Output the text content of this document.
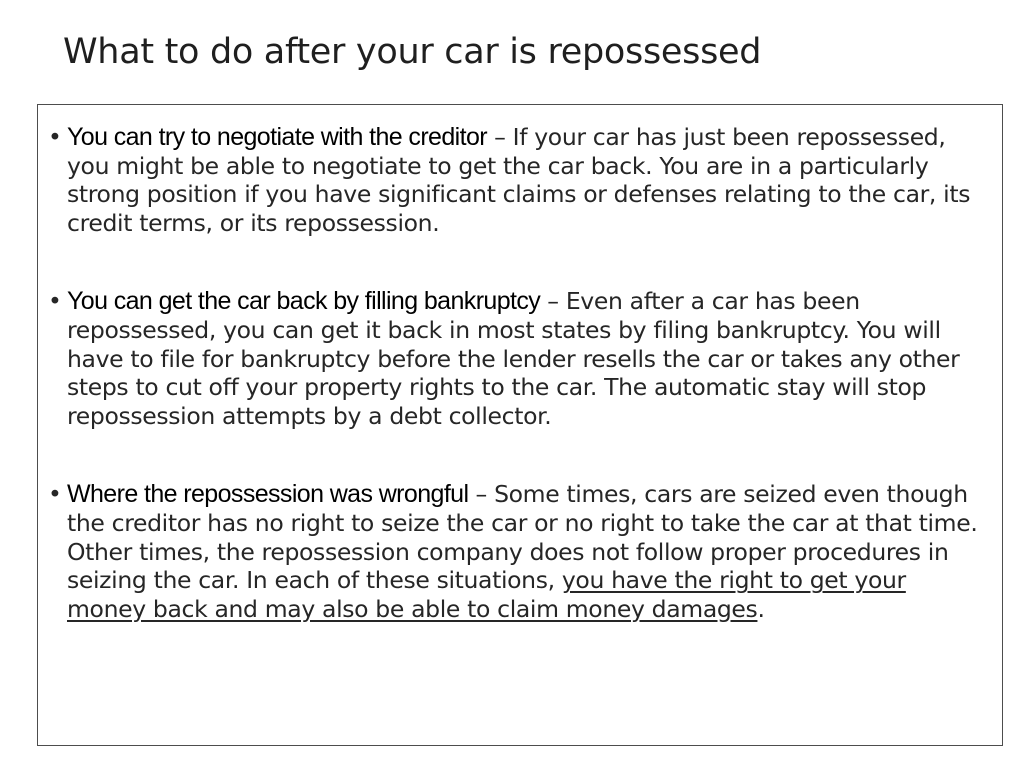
What to do after your car is repossessed
• You can try to negotiate with the creditor – If your car has just been repossessed, you might be able to negotiate to get the car back. You are in a particularly strong position if you have significant claims or defenses relating to the car, its credit terms, or its repossession.
• You can get the car back by filling bankruptcy – Even after a car has been repossessed, you can get it back in most states by filing bankruptcy. You will have to file for bankruptcy before the lender resells the car or takes any other steps to cut off your property rights to the car. The automatic stay will stop repossession attempts by a debt collector.
• Where the repossession was wrongful – Some times, cars are seized even though the creditor has no right to seize the car or no right to take the car at that time. Other times, the repossession company does not follow proper procedures in seizing the car. In each of these situations, you have the right to get your money back and may also be able to claim money damages.
